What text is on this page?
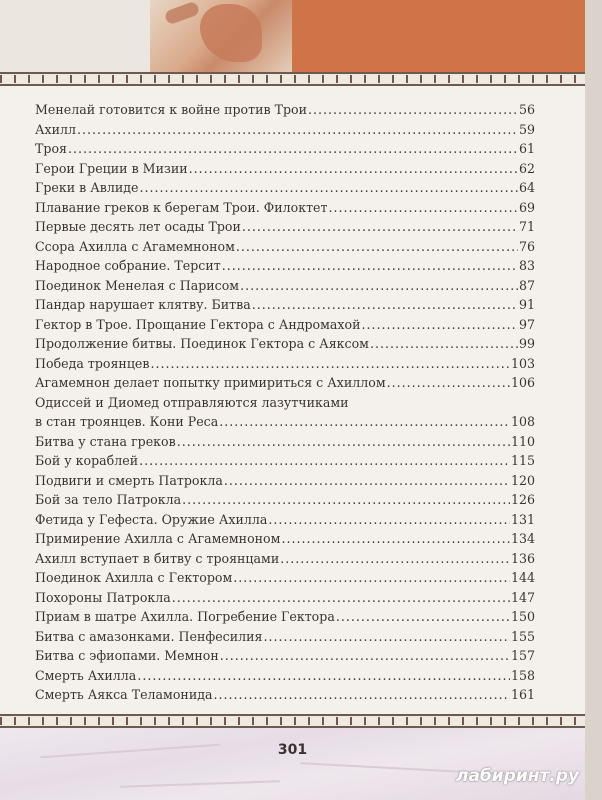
Менелай готовится к войне против Трои .....	56
Ахилл .....	59
Троя .....	61
Герои Греции в Мизии .....	62
Греки в Авлиде .....	64
Плавание греков к берегам Трои. Филоктет .....	69
Первые десять лет осады Трои .....	71
Ссора Ахилла с Агамемноном .....	76
Народное собрание. Терсит .....	83
Поединок Менелая с Парисом .....	87
Пандар нарушает клятву. Битва .....	91
Гектор в Трое. Прощание Гектора с Андромахой .....	97
Продолжение битвы. Поединок Гектора с Аяксом .....	99
Победа троянцев .....	103
Агамемнон делает попытку примириться с Ахиллом .....	106
Одиссей и Диомед отправляются лазутчиками
в стан троянцев. Кони Реса .....	108
Битва у стана греков .....	110
Бой у кораблей .....	115
Подвиги и смерть Патрокла .....	120
Бой за тело Патрокла .....	126
Фетида у Гефеста. Оружие Ахилла .....	131
Примирение Ахилла с Агамемноном .....	134
Ахилл вступает в битву с троянцами .....	136
Поединок Ахилла с Гектором .....	144
Похороны Патрокла .....	147
Приам в шатре Ахилла. Погребение Гектора .....	150
Битва с амазонками. Пенфесилия .....	155
Битва с эфиопами. Мемнон .....	157
Смерть Ахилла .....	158
Смерть Аякса Теламонида .....	161
301
лабиринт.ру
